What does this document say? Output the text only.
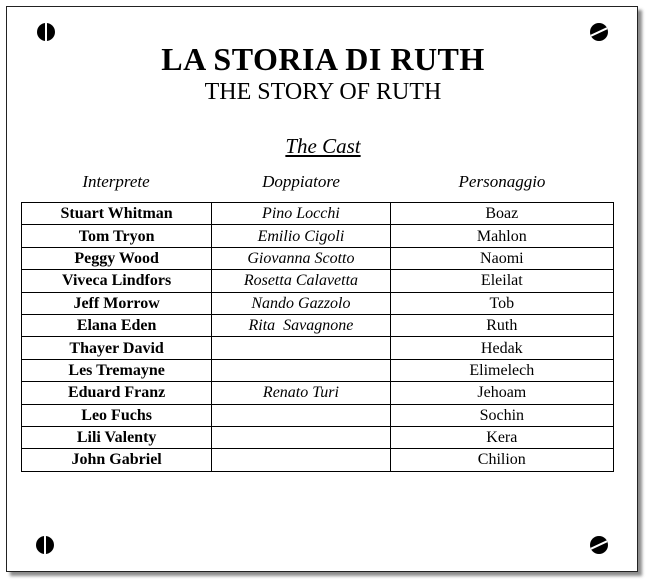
LA STORIA DI RUTH
THE STORY OF RUTH
The Cast
Interprete	Doppiatore	Personaggio
Stuart Whitman	Pino Locchi	Boaz
Tom Tryon	Emilio Cigoli	Mahlon
Peggy Wood	Giovanna Scotto	Naomi
Viveca Lindfors	Rosetta Calavetta	Eleilat
Jeff Morrow	Nando Gazzolo	Tob
Elana Eden	Rita  Savagnone	Ruth
Thayer David		Hedak
Les Tremayne		Elimelech
Eduard Franz	Renato Turi	Jehoam
Leo Fuchs		Sochin
Lili Valenty		Kera
John Gabriel		Chilion
